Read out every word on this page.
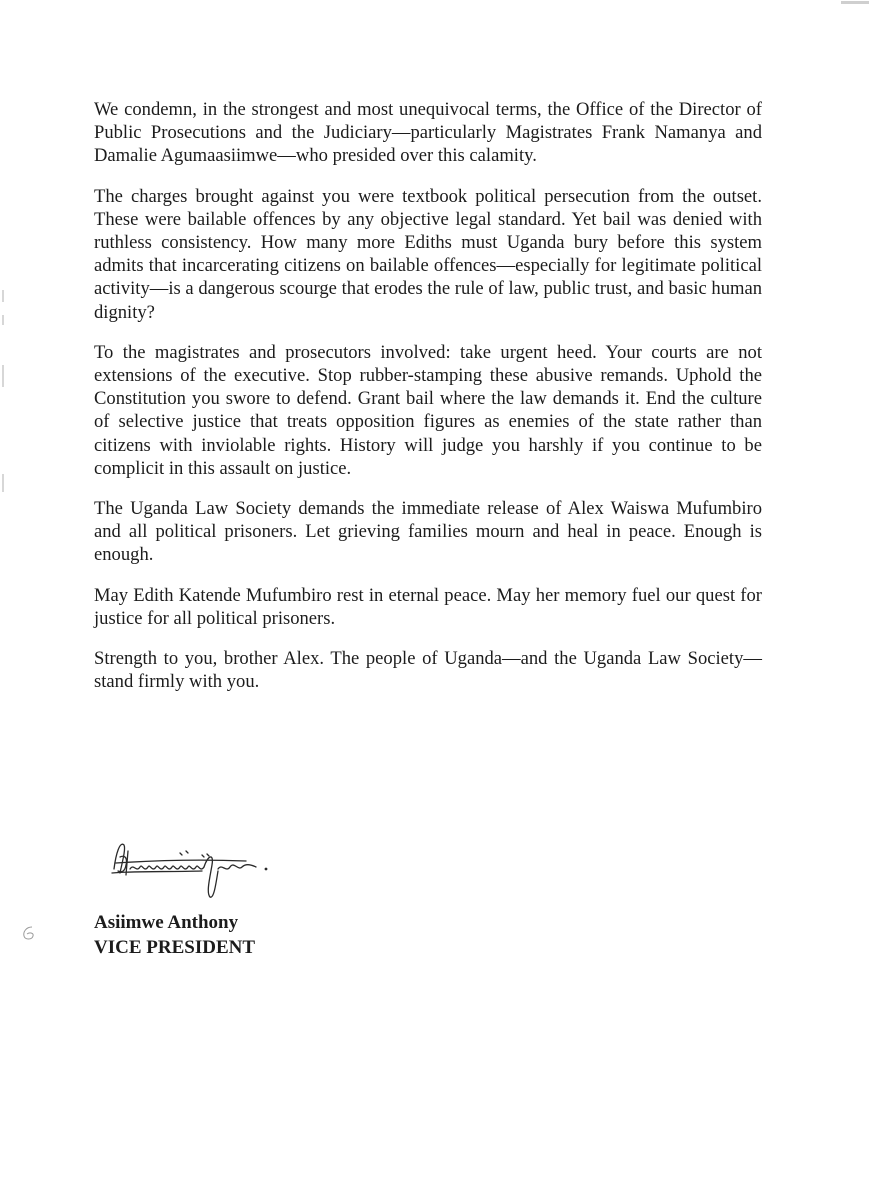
We condemn, in the strongest and most unequivocal terms, the Office of the Director of Public Prosecutions and the Judiciary—particularly Magistrates Frank Namanya and Damalie Agumaasiimwe—who presided over this calamity.

The charges brought against you were textbook political persecution from the outset. These were bailable offences by any objective legal standard. Yet bail was denied with ruthless consistency. How many more Ediths must Uganda bury before this system admits that incarcerating citizens on bailable offences—especially for legitimate political activity—is a dangerous scourge that erodes the rule of law, public trust, and basic human dignity?

To the magistrates and prosecutors involved: take urgent heed. Your courts are not extensions of the executive. Stop rubber-stamping these abusive remands. Uphold the Constitution you swore to defend. Grant bail where the law demands it. End the culture of selective justice that treats opposition figures as enemies of the state rather than citizens with inviolable rights. History will judge you harshly if you continue to be complicit in this assault on justice.

The Uganda Law Society demands the immediate release of Alex Waiswa Mufumbiro and all political prisoners. Let grieving families mourn and heal in peace. Enough is enough.

May Edith Katende Mufumbiro rest in eternal peace. May her memory fuel our quest for justice for all political prisoners.

Strength to you, brother Alex. The people of Uganda—and the Uganda Law Society—stand firmly with you.

Asiimwe Anthony
VICE PRESIDENT
